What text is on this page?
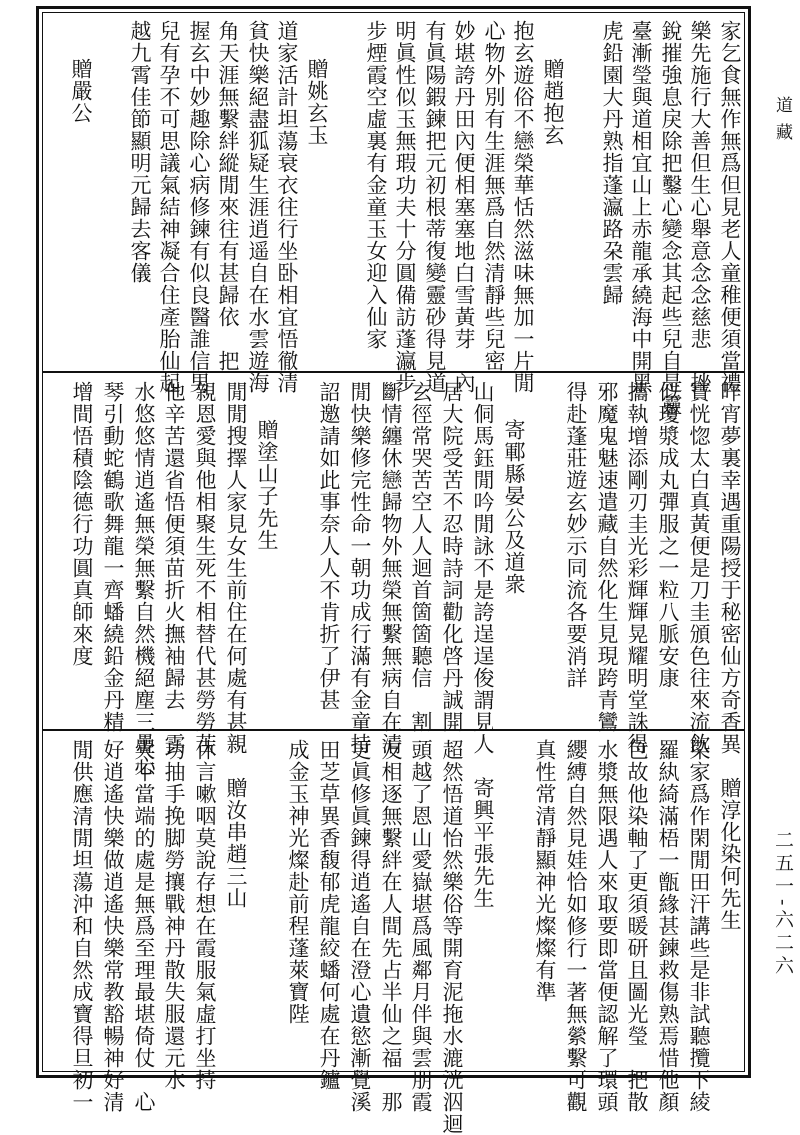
家乞食無作無爲但見老人童稚便須當禮
樂先施行大善但生心舉意念念慈悲　挫
銳摧強息戾除把鑿心變念其起些兒自是靈
臺漸瑩與道相宜山上赤龍承繞海中開黑
虎鉛園大丹熟指蓬瀛路朶雲歸
贈趙抱玄
抱玄遊俗不戀榮華恬然滋味無加一片閒
心物外別有生涯無爲自然清靜些兒密
妙堪誇丹田內便相塞塞地白雪黃芽　內
有眞陽鍜鍊把元初根蒂復變靈砂得見道
明眞性似玉無瑕功夫十分圓備訪蓬瀛步
步煙霞空虛裏有金童玉女迎入仙家
贈姚玄玉
道家活計坦蕩衰衣往行坐卧相宜悟徹清
貧快樂絕盡狐疑生涯逍遥自在水雲遊海
角天涯無繫絆縱閒來往有甚歸依　把
握玄中妙趣除心病修鍊有似良醫誰信男
兒有孕不可思議氣結神凝合住產胎仙起
越九霄佳節顯明元歸去客儀
贈嚴公
昨宵夢裏幸遇重陽授于秘密仙方奇香異
寶恍惚太白真黃便是刀圭頒色往來流飲
似瓊漿成丸彈服之一粒八脈安康
攜執增添剛刃圭光彩輝輝晃耀明堂誅得
邪魔鬼魅速遣藏自然化生見現跨青鸞
得赴蓬莊遊玄妙示同流各要消詳
寄鄆縣晏公及道衆
山侗馬鈺閒吟閒詠不是誇逞逞俊謂見人
居大院受苦不忍時詩詞勸化啓丹誠開
玄徑常哭苦空人人迴首箇箇聽信　割
斷情纏休戀歸物外無榮無繫無病自在清
閒快樂修完性命一朝功成行滿有金童持
詔邀請如此事奈人人不肯折了伊甚
贈塗山子先生
閒閒搜擇人家見女生前住在何處有甚親
親恩愛與他相聚生死不相替代甚勞勞苦
他辛苦還省悟便須苗折火撫袖歸去　雲
水悠悠情逍遙無榮無繫自然機絕塵三疊心
琴引動蛇鶴歌舞龍一齊蟠繞鉛金丹精
增間悟積陰德行功圓真師來度
贈淳化染何先生
染家爲作閑閒田汗講些是非試聽攬下綾
羅紈綺滿梧一甑緣甚鍊救傷熟焉惜他顏
色故他染軸了更須暖研且圖光瑩　把散
水漿無限遇人來取要即當便認解了環頭
纓縛自然見娃恰如修行一著無縈繫可觀
真性常清靜顯神光燦燦有準
寄興平張先生
超然悟道怡然樂俗等開育泥拖水漉洸泅迴
頭越了恩山愛嶽堪爲風鄰月伴與雲朋霞
友相逐無繫絆在人間先占半仙之福　那
更眞修眞鍊得逍遙自在澄心遺慾漸覺溪
田芝草異香馥郁虎龍絞蟠何處在丹鑪
成金玉神光燦赴前程蓬萊寶陛
贈汝串趙三山
休言嗽咽莫說存想在霞服氣虛打坐持
功抽手挽脚勞攘戰神丹散失服還元水
火不當端的處是無爲至理最堪倚仗　心
好逍遙快樂做逍遙快樂常教豁暢神好清
閒供應清閒坦蕩沖和自然成寶得旦初一
道藏
二五一-六二六
